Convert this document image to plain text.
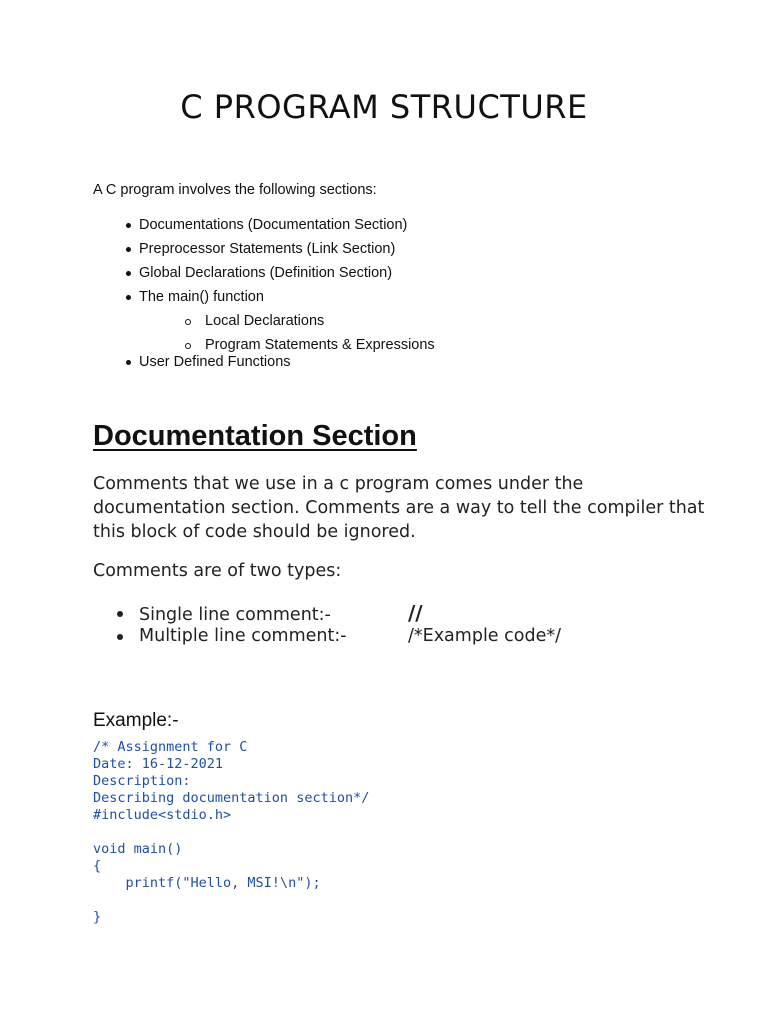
C PROGRAM STRUCTURE

A C program involves the following sections:

Documentations (Documentation Section)
Preprocessor Statements (Link Section)
Global Declarations (Definition Section)
The main() function
Local Declarations
Program Statements & Expressions
User Defined Functions
Documentation Section

Comments that we use in a c program comes under the documentation section. Comments are a way to tell the compiler that this block of code should be ignored.

Comments are of two types:

Single line comment:-	//
Multiple line comment:-	/*Example code*/

Example:-

/* Assignment for C
Date: 16-12-2021
Description:
Describing documentation section*/
#include<stdio.h>

void main()
{
printf("Hello, MSI!\n");

}
